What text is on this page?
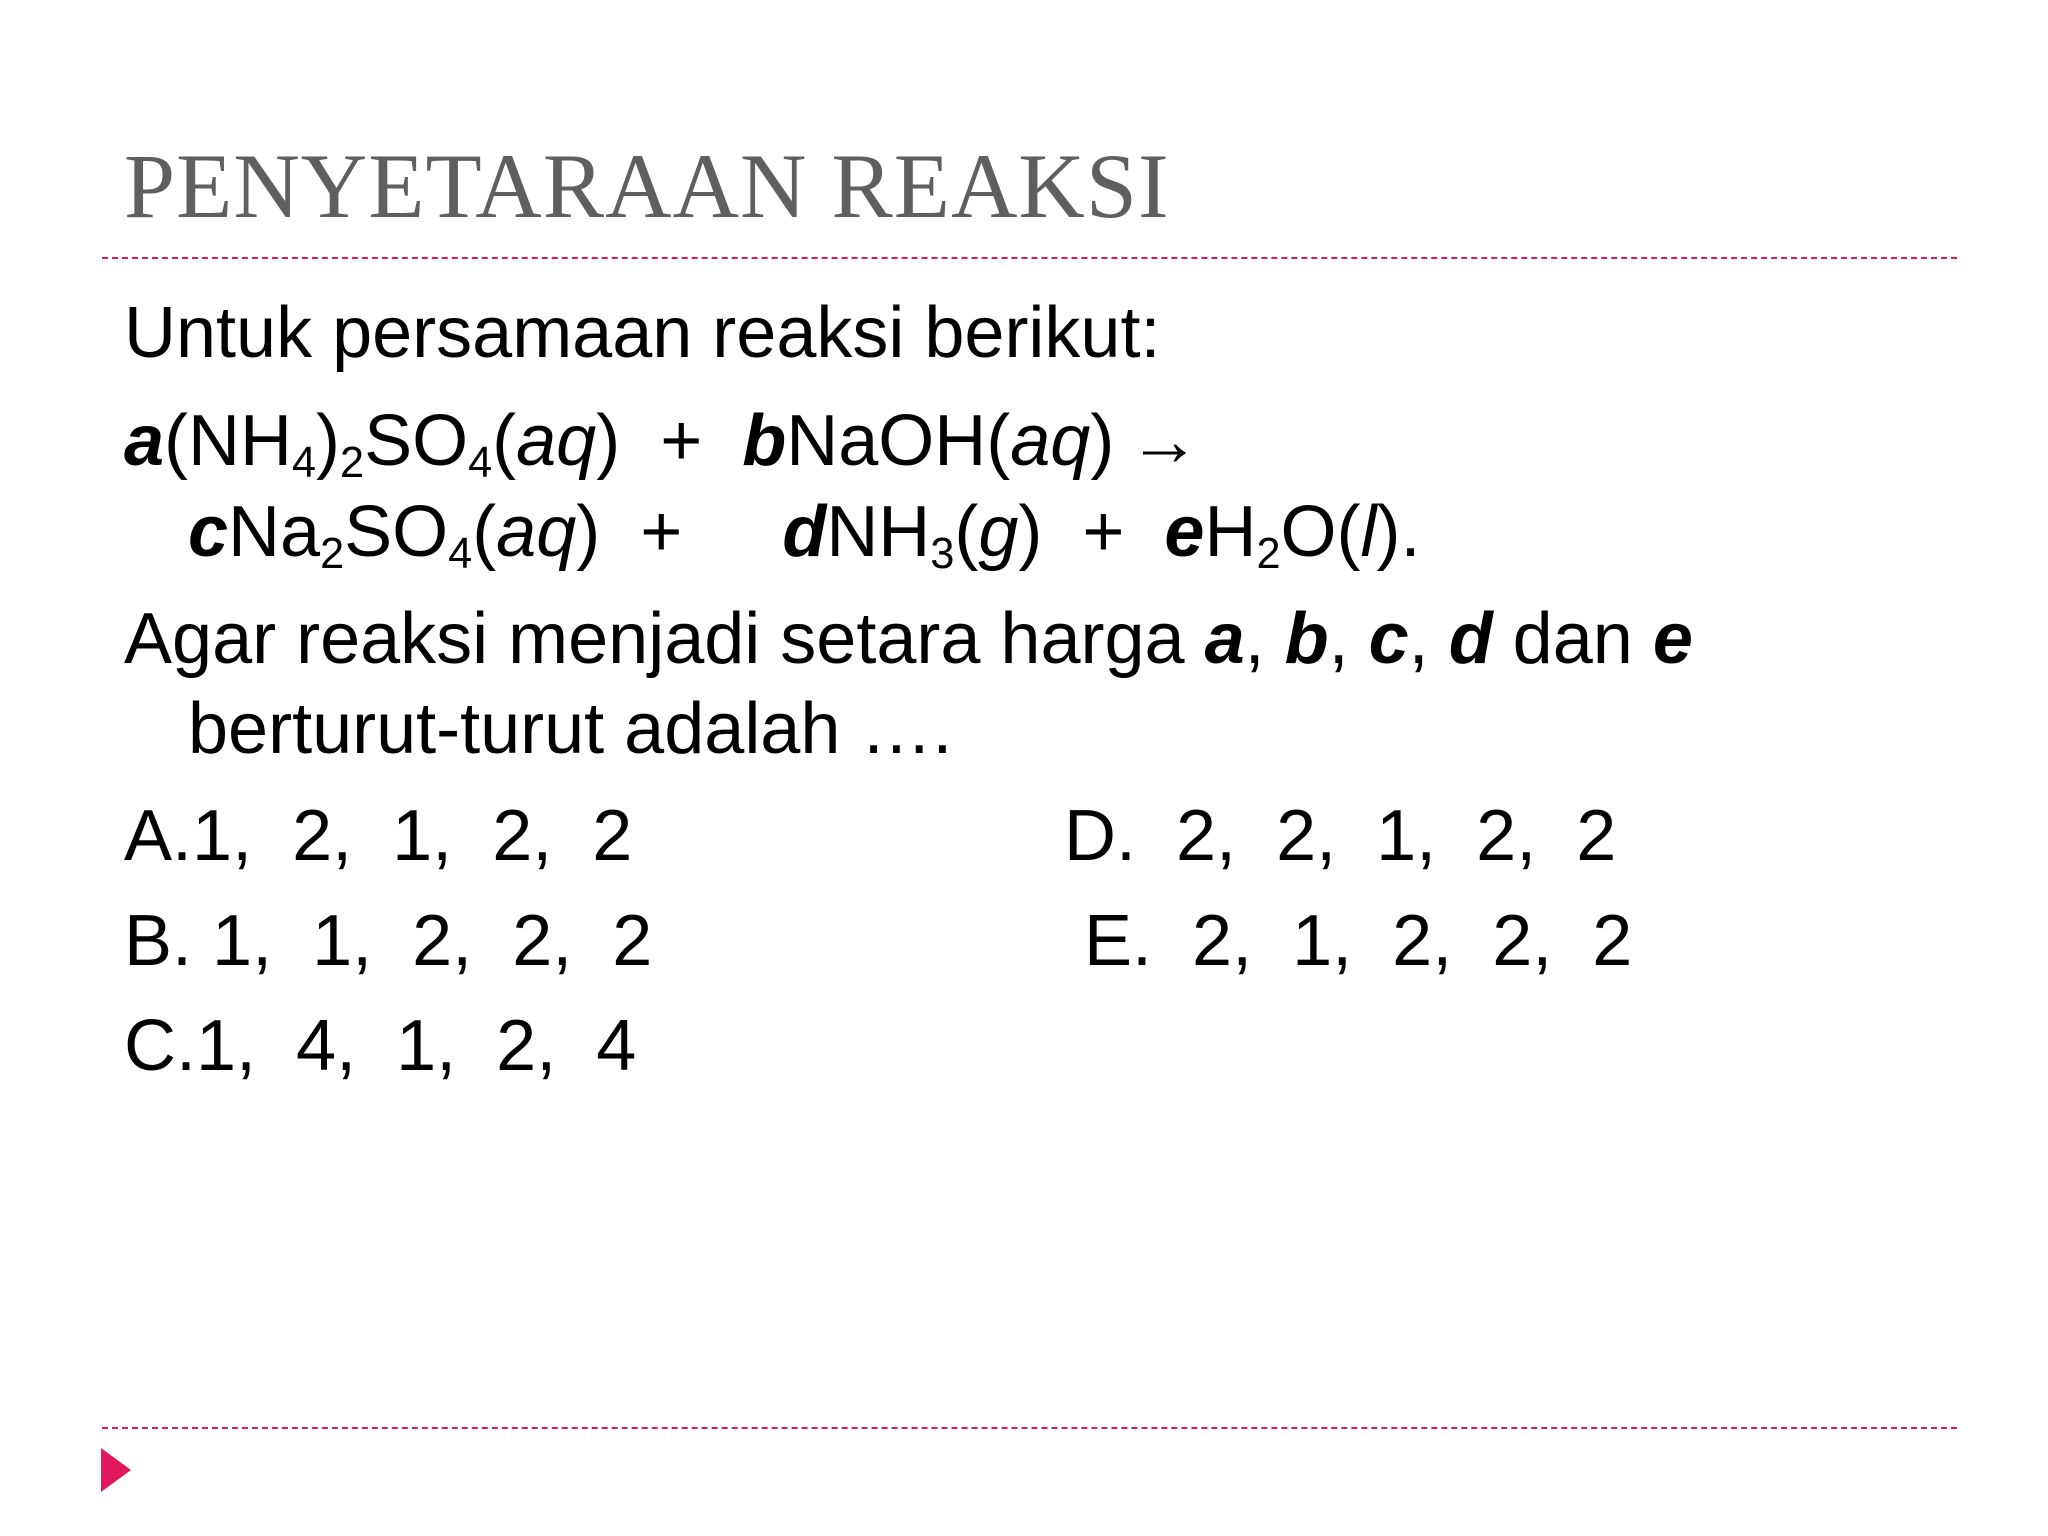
PENYETARAAN REAKSI
Untuk persamaan reaksi berikut:
$a(NH_4)_2SO_4(aq)$  +  bNaOH(aq) →
$cNa_2SO_4(aq)$  +     $dNH_3(g) + eH_2O(l)$.
Agar reaksi menjadi setara harga a, b, c, d dan e
berturut-turut adalah ….
A.1,  2,  1,  2,  2	D.  2,  2,  1,  2,  2
B. 1,  1,  2,  2,  2	E.  2,  1,  2,  2,  2
C.1,  4,  1,  2,  4
